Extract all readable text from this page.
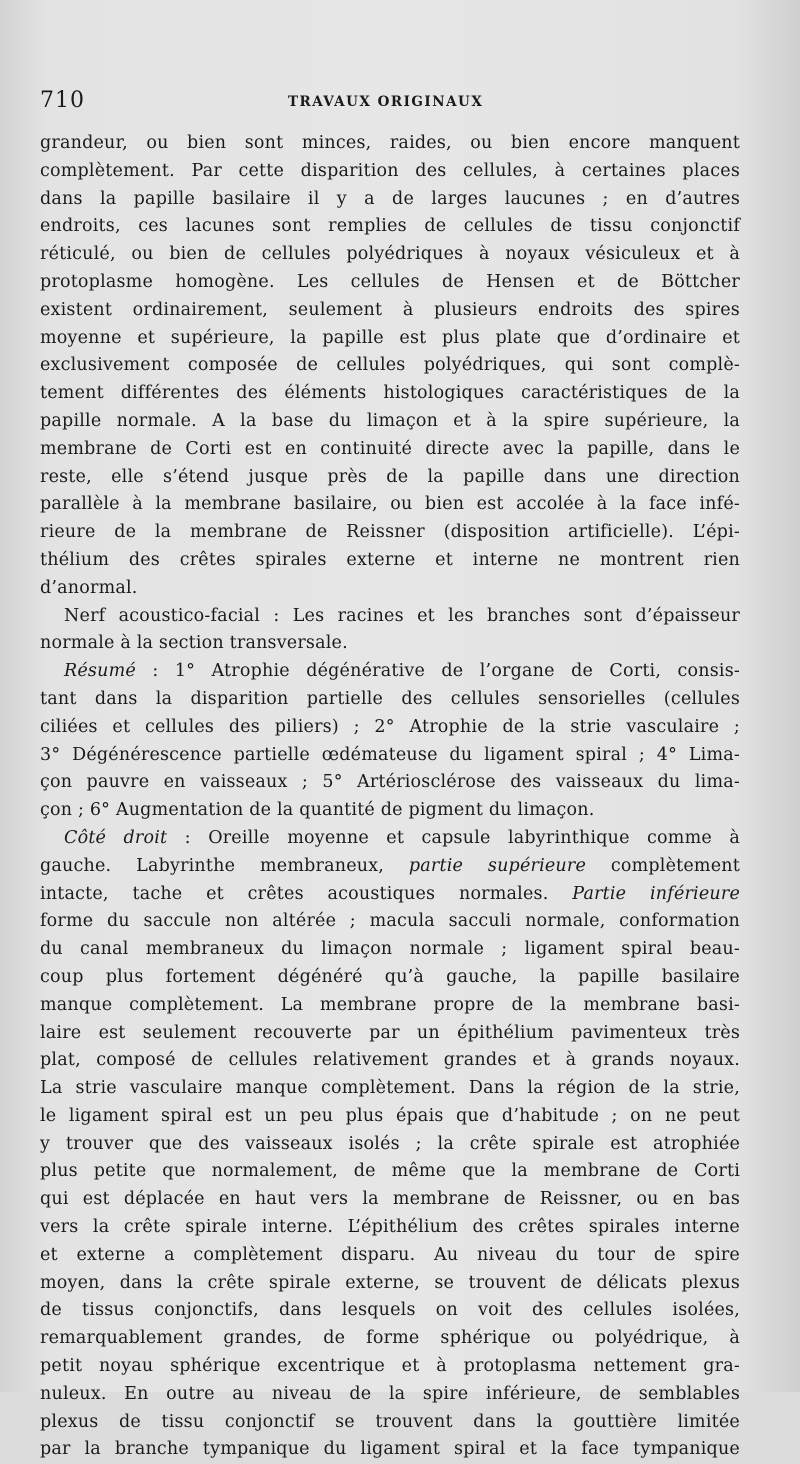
710	TRAVAUX ORIGINAUX
grandeur, ou bien sont minces, raides, ou bien encore manquent
complètement. Par cette disparition des cellules, à certaines places
dans la papille basilaire il y a de larges laucunes ; en d’autres
endroits, ces lacunes sont remplies de cellules de tissu conjonctif
réticulé, ou bien de cellules polyédriques à noyaux vésiculeux et à
protoplasme homogène. Les cellules de Hensen et de Böttcher
existent ordinairement, seulement à plusieurs endroits des spires
moyenne et supérieure, la papille est plus plate que d’ordinaire et
exclusivement composée de cellules polyédriques, qui sont complè-
tement différentes des éléments histologiques caractéristiques de la
papille normale. A la base du limaçon et à la spire supérieure, la
membrane de Corti est en continuité directe avec la papille, dans le
reste, elle s’étend jusque près de la papille dans une direction
parallèle à la membrane basilaire, ou bien est accolée à la face infé-
rieure de la membrane de Reissner (disposition artificielle). L’épi-
thélium des crêtes spirales externe et interne ne montrent rien
d’anormal.
Nerf acoustico-facial : Les racines et les branches sont d’épaisseur
normale à la section transversale.
Résumé : 1° Atrophie dégénérative de l’organe de Corti, consis-
tant dans la disparition partielle des cellules sensorielles (cellules
ciliées et cellules des piliers) ; 2° Atrophie de la strie vasculaire ;
3° Dégénérescence partielle œdémateuse du ligament spiral ; 4° Lima-
çon pauvre en vaisseaux ; 5° Artériosclérose des vaisseaux du lima-
çon ; 6° Augmentation de la quantité de pigment du limaçon.
Côté droit : Oreille moyenne et capsule labyrinthique comme à
gauche. Labyrinthe membraneux, partie supérieure complètement
intacte, tache et crêtes acoustiques normales. Partie inférieure
forme du saccule non altérée ; macula sacculi normale, conformation
du canal membraneux du limaçon normale ; ligament spiral beau-
coup plus fortement dégénéré qu’à gauche, la papille basilaire
manque complètement. La membrane propre de la membrane basi-
laire est seulement recouverte par un épithélium pavimenteux très
plat, composé de cellules relativement grandes et à grands noyaux.
La strie vasculaire manque complètement. Dans la région de la strie,
le ligament spiral est un peu plus épais que d’habitude ; on ne peut
y trouver que des vaisseaux isolés ; la crête spirale est atrophiée
plus petite que normalement, de même que la membrane de Corti
qui est déplacée en haut vers la membrane de Reissner, ou en bas
vers la crête spirale interne. L’épithélium des crêtes spirales interne
et externe a complètement disparu. Au niveau du tour de spire
moyen, dans la crête spirale externe, se trouvent de délicats plexus
de tissus conjonctifs, dans lesquels on voit des cellules isolées,
remarquablement grandes, de forme sphérique ou polyédrique, à
petit noyau sphérique excentrique et à protoplasma nettement gra-
nuleux. En outre au niveau de la spire inférieure, de semblables
plexus de tissu conjonctif se trouvent dans la gouttière limitée
par la branche tympanique du ligament spiral et la face tympanique
